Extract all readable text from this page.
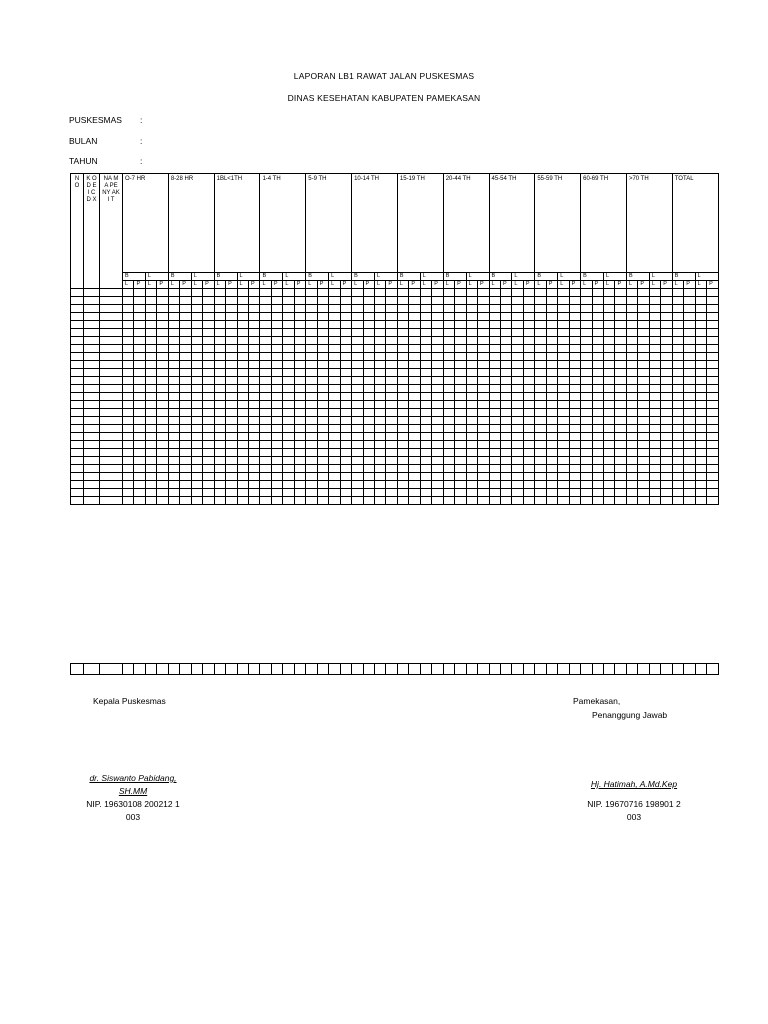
LAPORAN LB1 RAWAT JALAN PUSKESMAS
DINAS KESEHATAN KABUPATEN PAMEKASAN
PUSKESMAS :
BULAN	:
TAHUN	:
N O	K O D E I C D X	NA MA PE NY AKI T	O-7 HR				8-28 HR				1BL<1TH				1-4 TH				5-9 TH				10-14 TH				15-19 TH				20-44 TH				45-54 TH				55-59 TH				60-69 TH				>70 TH				TOTAL			
			B		L		B		L		B		L		B		L		B		L		B		L		B		L		B		L		B		L		B		L		B		L		B		L		B		L	
			L	P	L	P	L	P	L	P	L	P	L	P	L	P	L	P	L	P	L	P	L	P	L	P	L	P	L	P	L	P	L	P	L	P	L	P	L	P	L	P	L	P	L	P	L	P	L	P	L	P	L	P

Kepala Puskesmas	Pamekasan,
Penanggung Jawab
dr. Siswanto Pabidang,
SH.MM
NIP. 19630108 200212 1
003
Hj. Hatimah, A.Md.Kep
NIP. 19670716 198901 2
003
